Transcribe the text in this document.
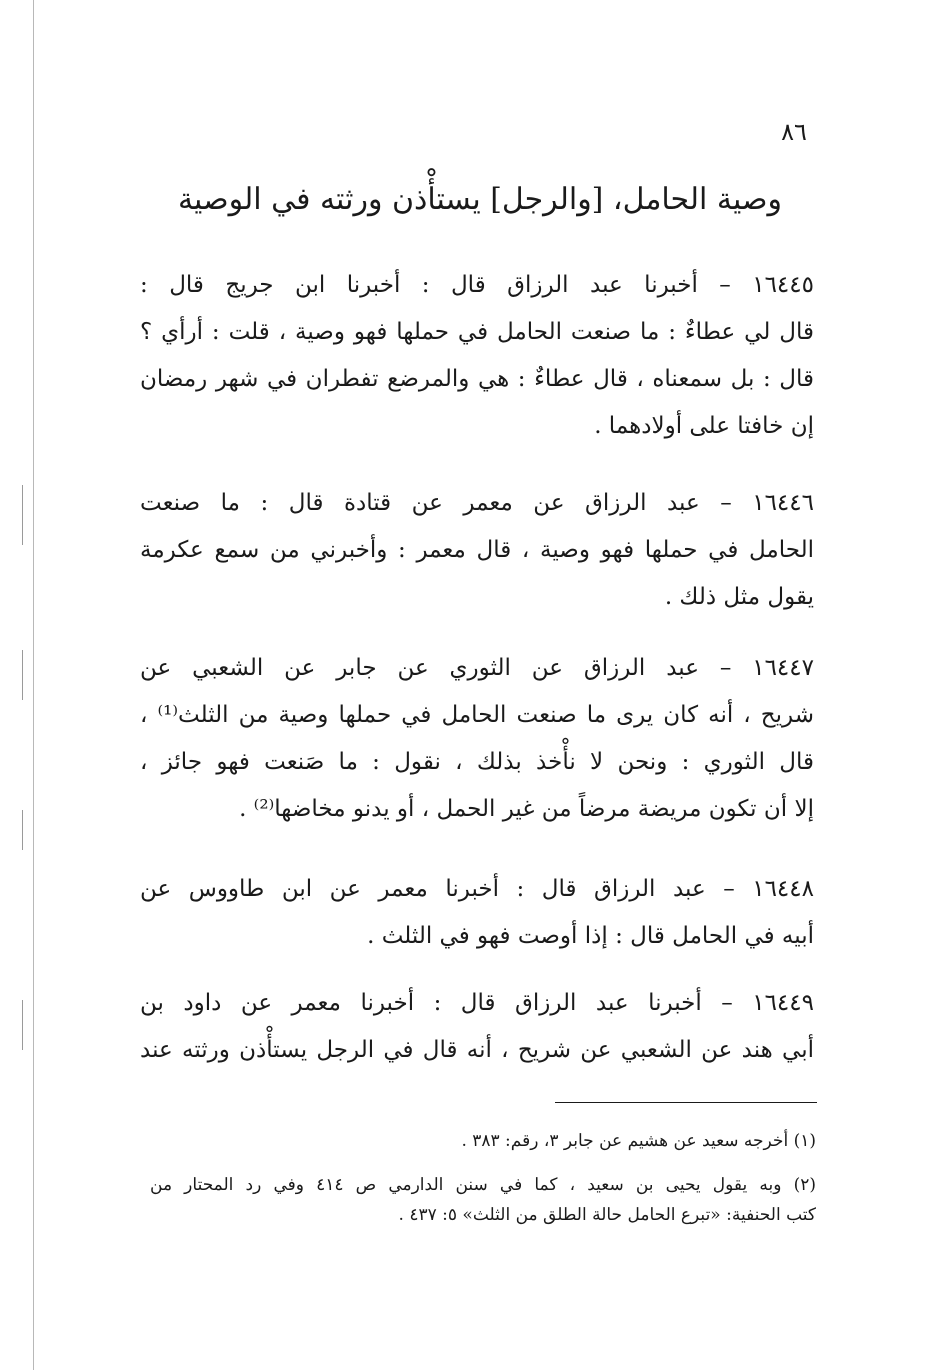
٨٦
وصية الحامل، [والرجل] يستأْذن ورثته في الوصية
١٦٤٤٥ – أخبرنا عبد الرزاق قال : أخبرنا ابن جريج قال :
قال لي عطاءٌ : ما صنعت الحامل في حملها فهو وصية ، قلت : أرأي ؟
قال : بل سمعناه ، قال عطاءٌ : هي والمرضع تفطران في شهر رمضان
إن خافتا على أولادهما .
١٦٤٤٦ – عبد الرزاق عن معمر عن قتادة قال : ما صنعت
الحامل في حملها فهو وصية ، قال معمر : وأخبرني من سمع عكرمة
يقول مثل ذلك .
١٦٤٤٧ – عبد الرزاق عن الثوري عن جابر عن الشعبي عن
شريح ، أنه كان يرى ما صنعت الحامل في حملها وصية من الثلث⁽¹⁾ ،
قال الثوري : ونحن لا نأْخذ بذلك ، نقول : ما صَنعت فهو جائز ،
إلا أن تكون مريضة مرضاً من غير الحمل ، أو يدنو مخاضها⁽²⁾ .
١٦٤٤٨ – عبد الرزاق قال : أخبرنا معمر عن ابن طاووس عن
أبيه في الحامل قال : إذا أوصت فهو في الثلث .
١٦٤٤٩ – أخبرنا عبد الرزاق قال : أخبرنا معمر عن داود بن
أبي هند عن الشعبي عن شريح ، أنه قال في الرجل يستأْذن ورثته عند
(١) أخرجه سعيد عن هشيم عن جابر ٣، رقم: ٣٨٣ .
(٢) وبه يقول يحيى بن سعيد ، كما في سنن الدارمي ص ٤١٤ وفي رد المحتار من
كتب الحنفية: «تبرع الحامل حالة الطلق من الثلث» ٥: ٤٣٧ .
